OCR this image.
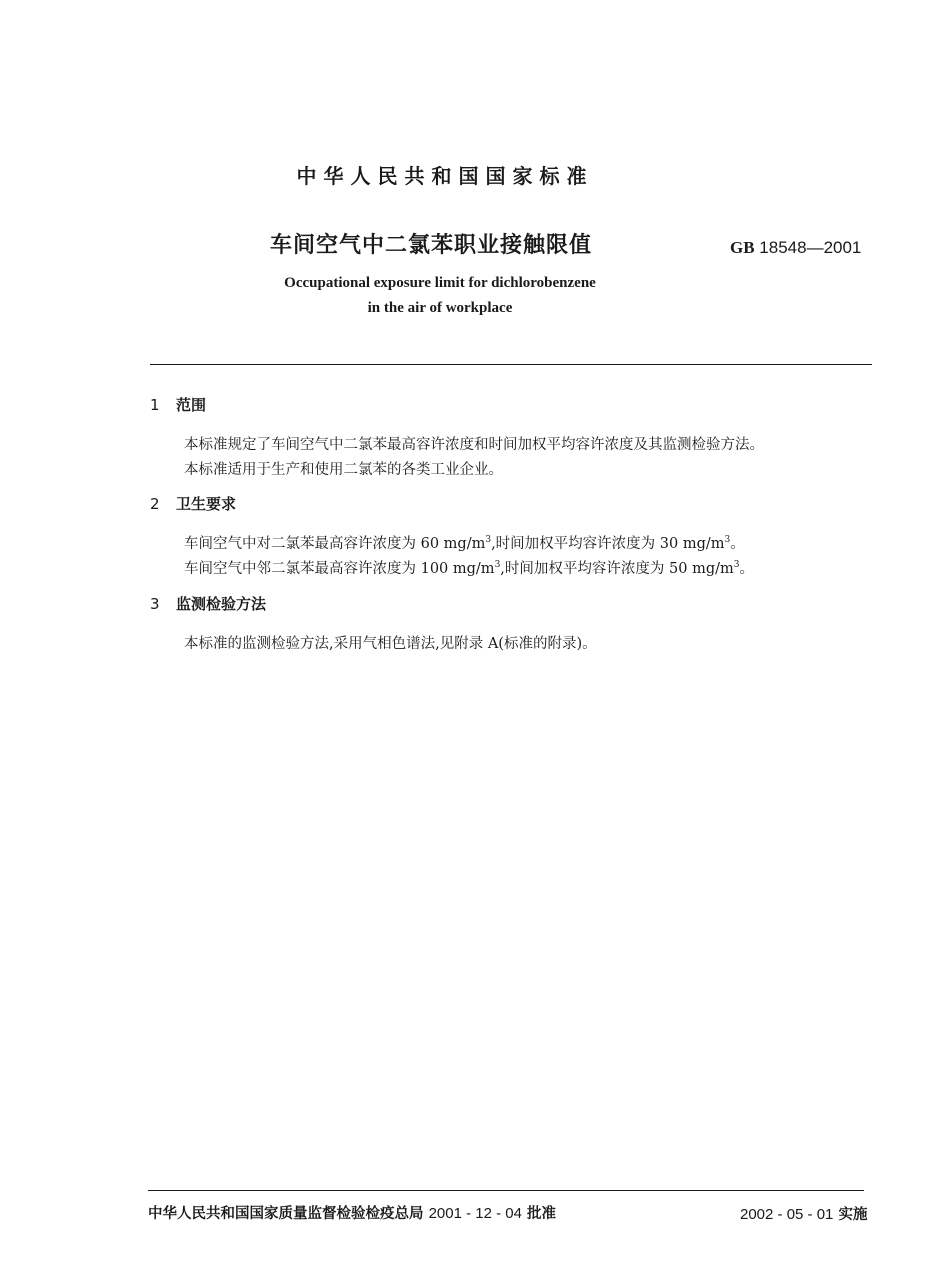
中华人民共和国国家标准
车间空气中二氯苯职业接触限值	GB 18548—2001
Occupational exposure limit for dichlorobenzene
in the air of workplace
1 范围
本标准规定了车间空气中二氯苯最高容许浓度和时间加权平均容许浓度及其监测检验方法。
本标准适用于生产和使用二氯苯的各类工业企业。
2 卫生要求
车间空气中对二氯苯最高容许浓度为 60 $mg/m^3$,时间加权平均容许浓度为 30 $mg/m^3$。
车间空气中邻二氯苯最高容许浓度为 100 $mg/m^3$,时间加权平均容许浓度为 50 $mg/m^3$。
3 监测检验方法
本标准的监测检验方法,采用气相色谱法,见附录 A(标准的附录)。
中华人民共和国国家质量监督检验检疫总局 2001 - 12 - 04 批准	2002 - 05 - 01 实施
